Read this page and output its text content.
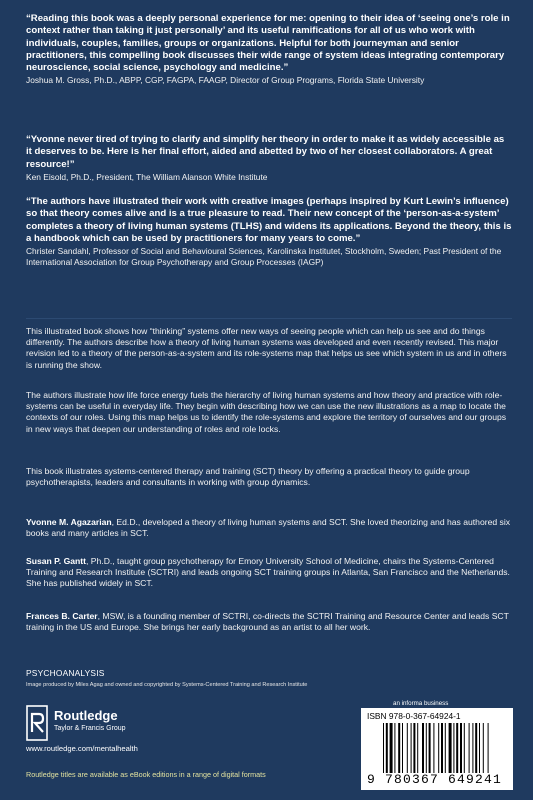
“Reading this book was a deeply personal experience for me: opening to their idea of ‘seeing one’s role in context rather than taking it just personally’ and its useful ramifications for all of us who work with individuals, couples, families, groups or organizations. Helpful for both journeyman and senior practitioners, this compelling book discusses their wide range of system ideas integrating contemporary neuroscience, social science, psychology and medicine.”

Joshua M. Gross, Ph.D., ABPP, CGP, FAGPA, FAAGP, Director of Group Programs, Florida State University

“Yvonne never tired of trying to clarify and simplify her theory in order to make it as widely accessible as it deserves to be. Here is her final effort, aided and abetted by two of her closest collaborators. A great resource!”

Ken Eisold, Ph.D., President, The William Alanson White Institute

“The authors have illustrated their work with creative images (perhaps inspired by Kurt Lewin’s influence) so that theory comes alive and is a true pleasure to read. Their new concept of the ‘person-as-a-system’ completes a theory of living human systems (TLHS) and widens its applications. Beyond the theory, this is a handbook which can be used by practitioners for many years to come.”

Christer Sandahl, Professor of Social and Behavioural Sciences, Karolinska Institutet, Stockholm, Sweden; Past President of the International Association for Group Psychotherapy and Group Processes (IAGP)

This illustrated book shows how “thinking” systems offer new ways of seeing people which can help us see and do things differently. The authors describe how a theory of living human systems was developed and even recently revised. This major revision led to a theory of the person-as-a-system and its role-systems map that helps us see which system in us and in others is running the show.

The authors illustrate how life force energy fuels the hierarchy of living human systems and how theory and practice with role-systems can be useful in everyday life. They begin with describing how we can use the new illustrations as a map to locate the contexts of our roles. Using this map helps us to identify the role-systems and explore the territory of ourselves and our groups in new ways that deepen our understanding of roles and role locks.

This book illustrates systems-centered therapy and training (SCT) theory by offering a practical theory to guide group psychotherapists, leaders and consultants in working with group dynamics.

Yvonne M. Agazarian, Ed.D., developed a theory of living human systems and SCT. She loved theorizing and has authored six books and many articles in SCT.

Susan P. Gantt, Ph.D., taught group psychotherapy for Emory University School of Medicine, chairs the Systems-Centered Training and Research Institute (SCTRI) and leads ongoing SCT training groups in Atlanta, San Francisco and the Netherlands. She has published widely in SCT.

Frances B. Carter, MSW, is a founding member of SCTRI, co-directs the SCTRI Training and Resource Center and leads SCT training in the US and Europe. She brings her early background as an artist to all her work.

PSYCHOANALYSIS
Image produced by Miles Agag and owned and copyrighted by Systems-Centered Training and Research Institute
Routledge
Taylor & Francis Group
www.routledge.com/mentalhealth
Routledge titles are available as eBook editions in a range of digital formats
an informa business
ISBN 978-0-367-64924-1
9 780367 649241
